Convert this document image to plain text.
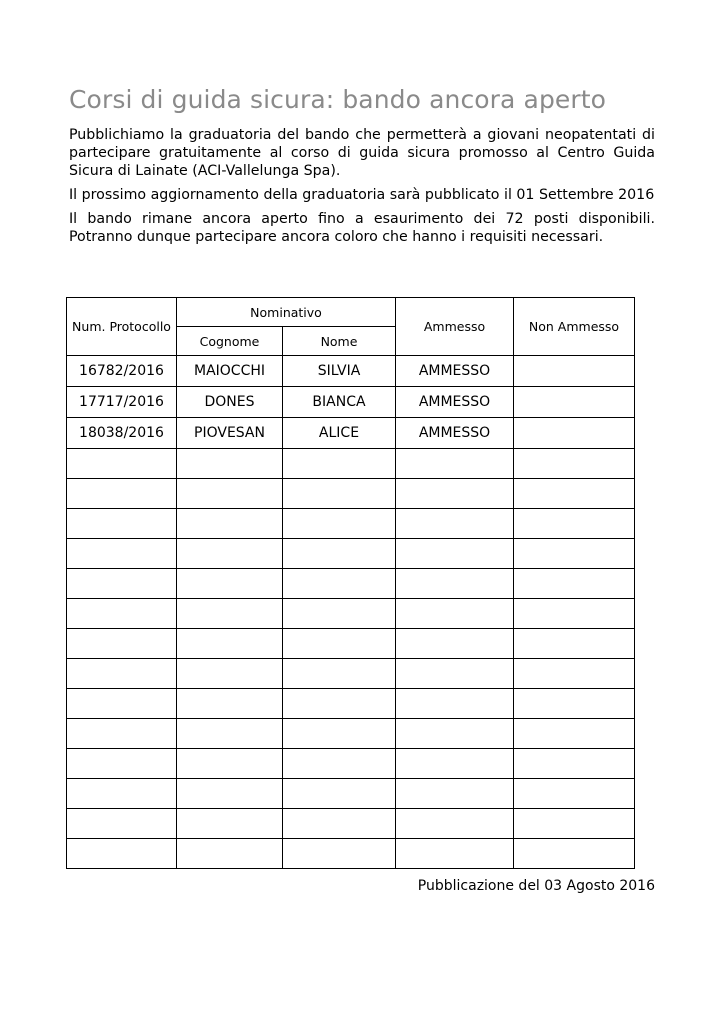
Corsi di guida sicura: bando ancora aperto

Pubblichiamo la graduatoria del bando che permetterà a giovani neopatentati di partecipare gratuitamente al corso di guida sicura promosso al Centro Guida Sicura di Lainate (ACI-Vallelunga Spa).

Il prossimo aggiornamento della graduatoria sarà pubblicato il 01 Settembre 2016

Il bando rimane ancora aperto fino a esaurimento dei 72 posti disponibili. Potranno dunque partecipare ancora coloro che hanno i requisiti necessari.

Num. Protocollo	Nominativo		Ammesso	Non Ammesso
	Cognome	Nome		
16782/2016	MAIOCCHI	SILVIA	AMMESSO	
17717/2016	DONES	BIANCA	AMMESSO	
18038/2016	PIOVESAN	ALICE	AMMESSO	

Pubblicazione del 03 Agosto 2016
